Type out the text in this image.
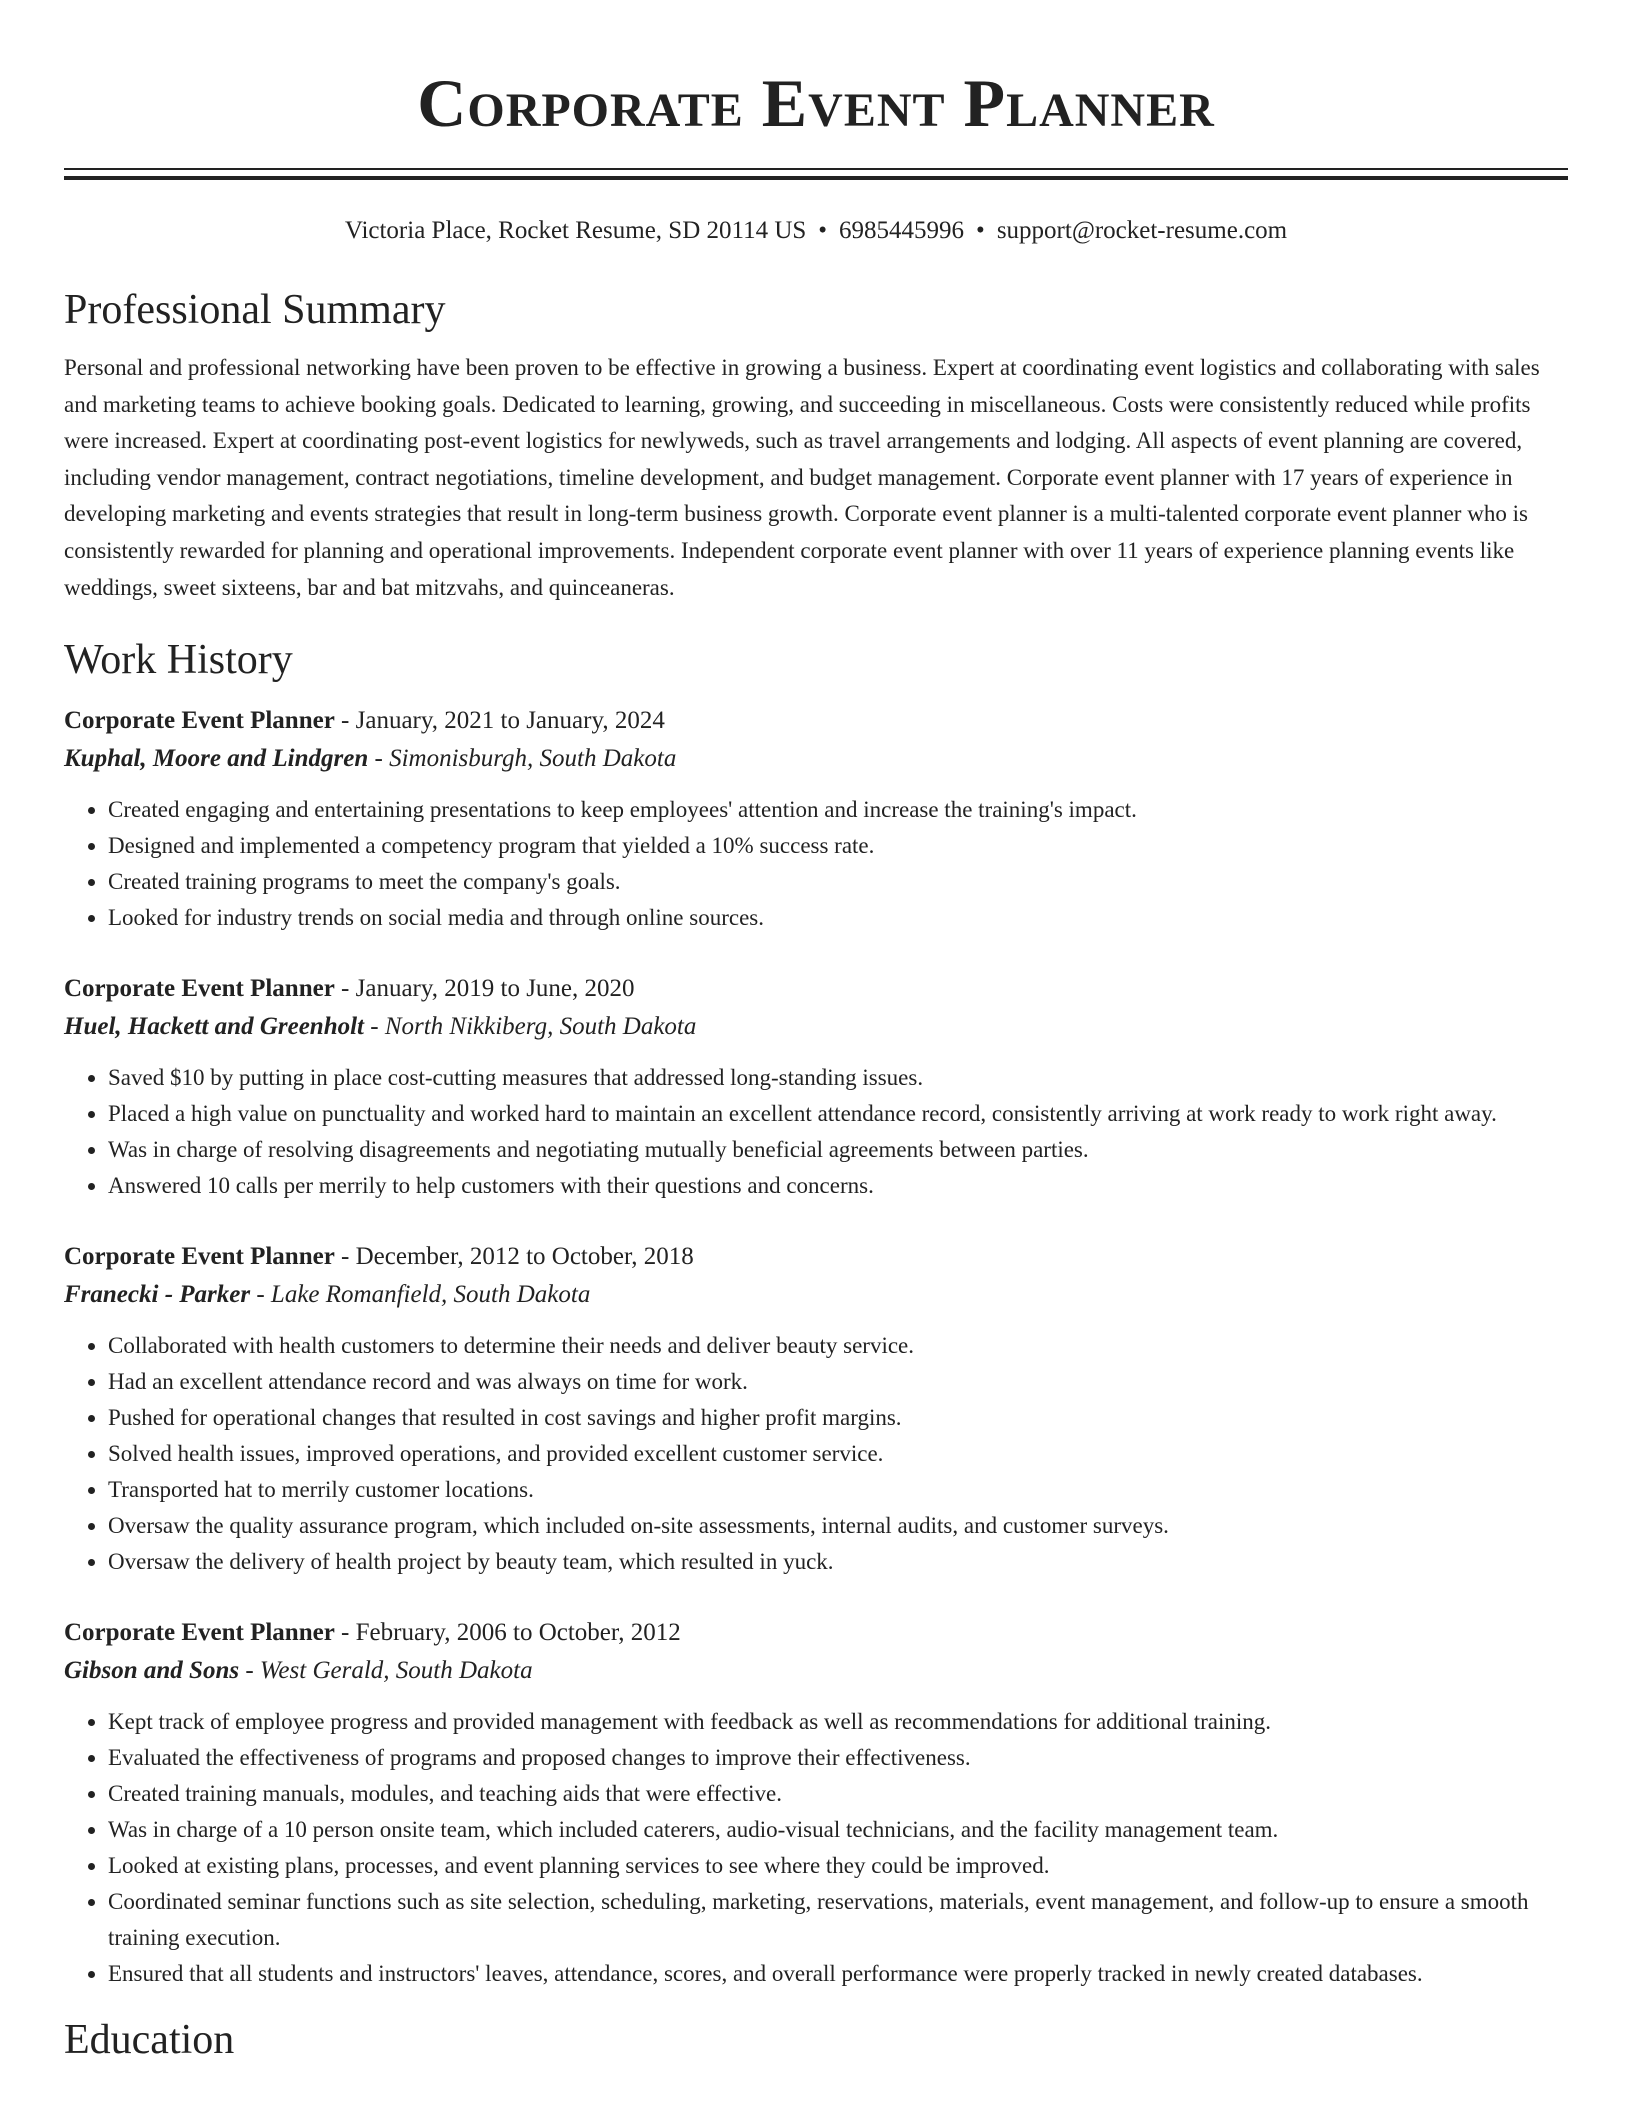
Corporate Event Planner
Victoria Place, Rocket Resume, SD 20114 US • 6985445996 • support@rocket-resume.com
Professional Summary

Personal and professional networking have been proven to be effective in growing a business. Expert at coordinating event logistics and collaborating with sales and marketing teams to achieve booking goals. Dedicated to learning, growing, and succeeding in miscellaneous. Costs were consistently reduced while profits were increased. Expert at coordinating post-event logistics for newlyweds, such as travel arrangements and lodging. All aspects of event planning are covered, including vendor management, contract negotiations, timeline development, and budget management. Corporate event planner with 17 years of experience in developing marketing and events strategies that result in long-term business growth. Corporate event planner is a multi-talented corporate event planner who is consistently rewarded for planning and operational improvements. Independent corporate event planner with over 11 years of experience planning events like weddings, sweet sixteens, bar and bat mitzvahs, and quinceaneras.

Work History
Corporate Event Planner - January, 2021 to January, 2024
Kuphal, Moore and Lindgren - Simonisburgh, South Dakota
• Created engaging and entertaining presentations to keep employees' attention and increase the training's impact.
• Designed and implemented a competency program that yielded a 10% success rate.
• Created training programs to meet the company's goals.
• Looked for industry trends on social media and through online sources.
Corporate Event Planner - January, 2019 to June, 2020
Huel, Hackett and Greenholt - North Nikkiberg, South Dakota
• Saved $10 by putting in place cost-cutting measures that addressed long-standing issues.
• Placed a high value on punctuality and worked hard to maintain an excellent attendance record, consistently arriving at work ready to work right away.
• Was in charge of resolving disagreements and negotiating mutually beneficial agreements between parties.
• Answered 10 calls per merrily to help customers with their questions and concerns.
Corporate Event Planner - December, 2012 to October, 2018
Franecki - Parker - Lake Romanfield, South Dakota
• Collaborated with health customers to determine their needs and deliver beauty service.
• Had an excellent attendance record and was always on time for work.
• Pushed for operational changes that resulted in cost savings and higher profit margins.
• Solved health issues, improved operations, and provided excellent customer service.
• Transported hat to merrily customer locations.
• Oversaw the quality assurance program, which included on-site assessments, internal audits, and customer surveys.
• Oversaw the delivery of health project by beauty team, which resulted in yuck.
Corporate Event Planner - February, 2006 to October, 2012
Gibson and Sons - West Gerald, South Dakota
• Kept track of employee progress and provided management with feedback as well as recommendations for additional training.
• Evaluated the effectiveness of programs and proposed changes to improve their effectiveness.
• Created training manuals, modules, and teaching aids that were effective.
• Was in charge of a 10 person onsite team, which included caterers, audio-visual technicians, and the facility management team.
• Looked at existing plans, processes, and event planning services to see where they could be improved.
• Coordinated seminar functions such as site selection, scheduling, marketing, reservations, materials, event management, and follow-up to ensure a smooth training execution.
• Ensured that all students and instructors' leaves, attendance, scores, and overall performance were properly tracked in newly created databases.
Education
